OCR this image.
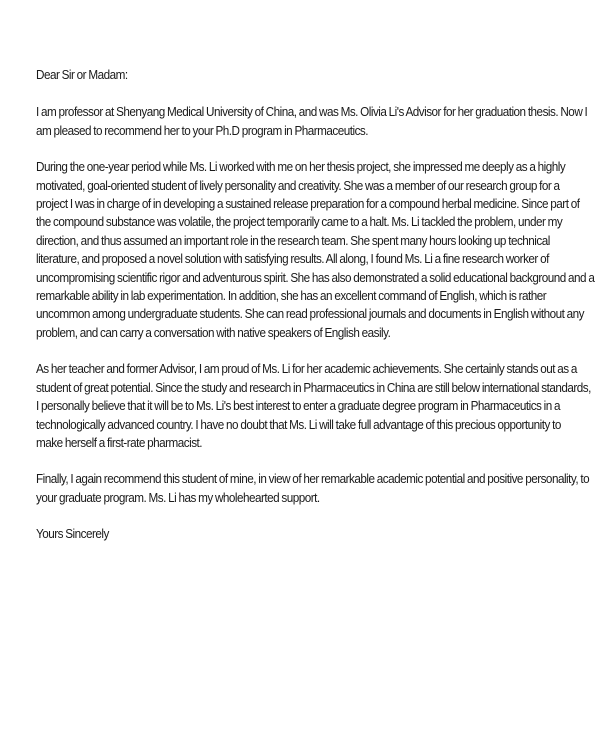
Dear Sir or Madam:
I am professor at Shenyang Medical University of China, and was Ms. Olivia Li's Advisor for her graduation thesis. Now I
am pleased to recommend her to your Ph.D program in Pharmaceutics.
During the one-year period while Ms. Li worked with me on her thesis project, she impressed me deeply as a highly
motivated, goal-oriented student of lively personality and creativity. She was a member of our research group for a
project I was in charge of in developing a sustained release preparation for a compound herbal medicine. Since part of
the compound substance was volatile, the project temporarily came to a halt. Ms. Li tackled the problem, under my
direction, and thus assumed an important role in the research team. She spent many hours looking up technical
literature, and proposed a novel solution with satisfying results. All along, I found Ms. Li a fine research worker of
uncompromising scientific rigor and adventurous spirit. She has also demonstrated a solid educational background and a
remarkable ability in lab experimentation. In addition, she has an excellent command of English, which is rather
uncommon among undergraduate students. She can read professional journals and documents in English without any
problem, and can carry a conversation with native speakers of English easily.
As her teacher and former Advisor, I am proud of Ms. Li for her academic achievements. She certainly stands out as a
student of great potential. Since the study and research in Pharmaceutics in China are still below international standards,
I personally believe that it will be to Ms. Li's best interest to enter a graduate degree program in Pharmaceutics in a
technologically advanced country. I have no doubt that Ms. Li will take full advantage of this precious opportunity to
make herself a first-rate pharmacist.
Finally, I again recommend this student of mine, in view of her remarkable academic potential and positive personality, to
your graduate program. Ms. Li has my wholehearted support.
Yours Sincerely
